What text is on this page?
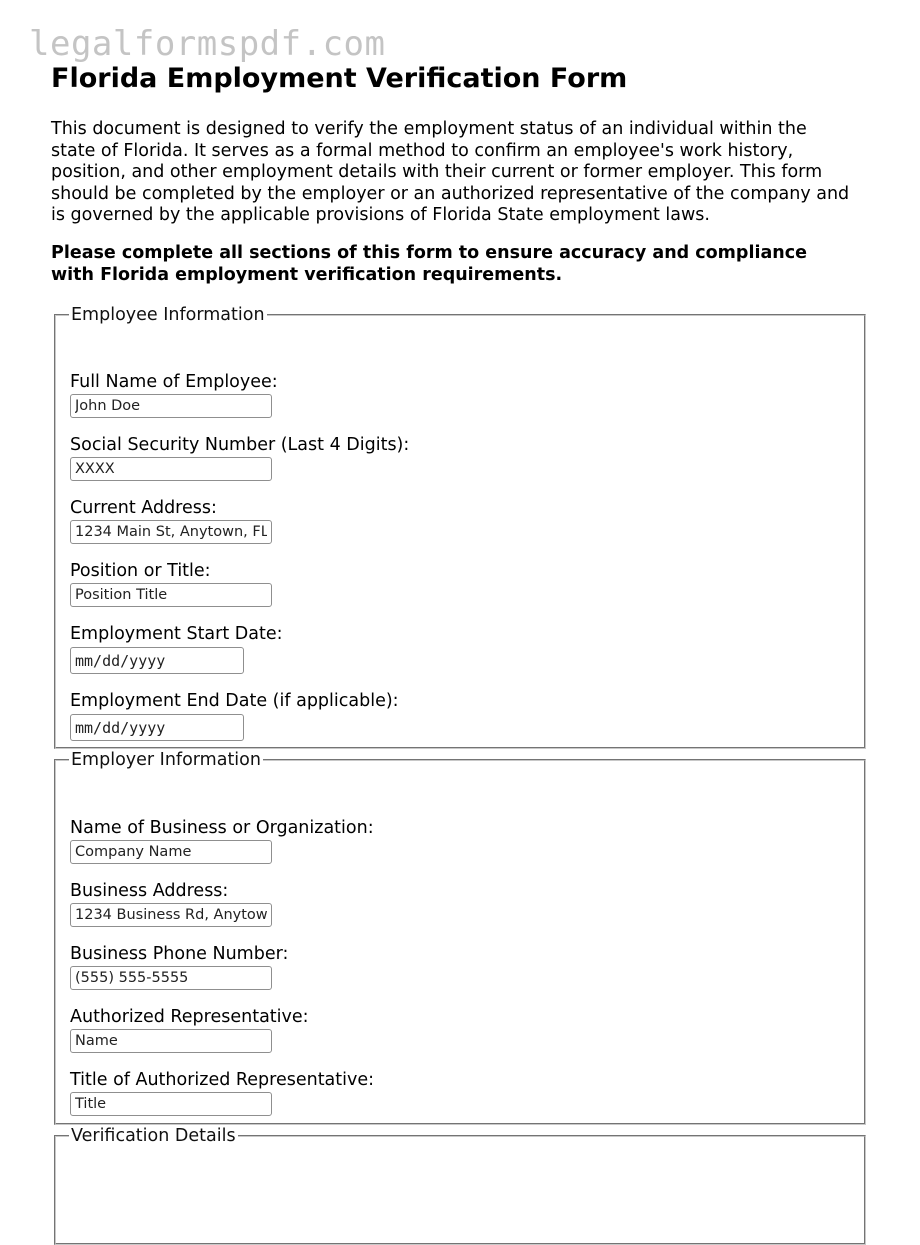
legalformspdf.com
Florida Employment Verification Form

This document is designed to verify the employment status of an individual within the state of Florida. It serves as a formal method to confirm an employee's work history, position, and other employment details with their current or former employer. This form should be completed by the employer or an authorized representative of the company and is governed by the applicable provisions of Florida State employment laws.

Please complete all sections of this form to ensure accuracy and compliance with Florida employment verification requirements.

Employee Information
Full Name of Employee:
John Doe
Social Security Number (Last 4 Digits):
XXXX
Current Address:
1234 Main St, Anytown, FL
Position or Title:
Position Title
Employment Start Date:
mm/dd/yyyy
Employment End Date (if applicable):
mm/dd/yyyy
Employer Information
Name of Business or Organization:
Company Name
Business Address:
1234 Business Rd, Anytown
Business Phone Number:
(555) 555-5555
Authorized Representative:
Name
Title of Authorized Representative:
Title
Verification Details
